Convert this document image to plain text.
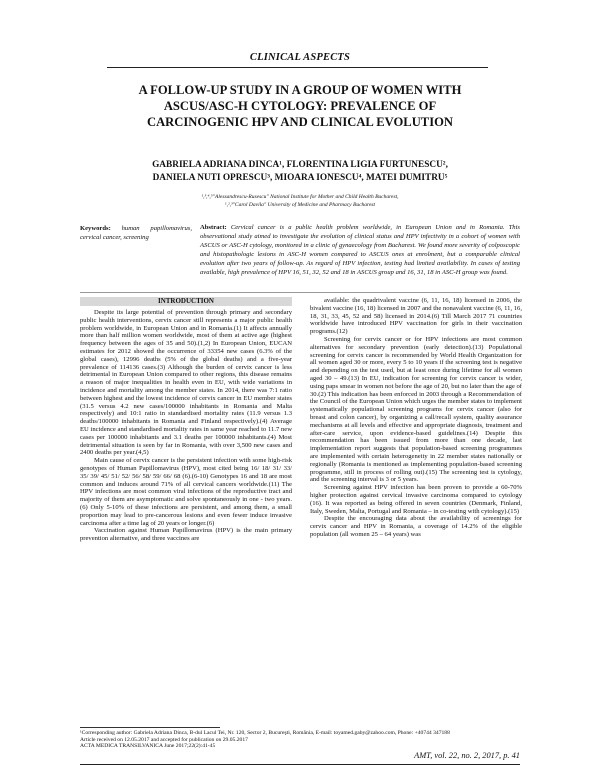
CLINICAL ASPECTS
A FOLLOW-UP STUDY IN A GROUP OF WOMEN WITH
ASCUS/ASC-H CYTOLOGY: PREVALENCE OF
CARCINOGENIC HPV AND CLINICAL EVOLUTION
GABRIELA ADRIANA DINCA¹, FLORENTINA LIGIA FURTUNESCU²,
DANIELA NUTI OPRESCU³, MIOARA IONESCU⁴, MATEI DUMITRU⁵
¹,³,⁴,⁵"Alessandrescu-Rusescu" National Institute for Mother and Child Health Bucharest,
¹,²,³"Carol Davila" University of Medicine and Pharmacy Bucharest
Keywords: human papillomavirus, cervical cancer, screening
Abstract: Cervical cancer is a public health problem worldwide, in European Union and in Romania. This observational study aimed to investigate the evolution of clinical status and HPV infectivity in a cohort of women with ASCUS or ASC-H cytology, monitored in a clinic of gynaecology from Bucharest. We found more severity of colposcopic and histopathologic lesions in ASC-H women compared to ASCUS ones at enrolment, but a comparable clinical evolution after two years of follow-up. As regard of HPV infection, testing had limited availability. In cases of testing available, high prevalence of HPV 16, 51, 32, 52 and 18 in ASCUS group and 16, 31, 18 in ASC-H group was found.
INTRODUCTION

Despite its large potential of prevention through primary and secondary public health interventions, cervix cancer still represents a major public health problem worldwide, in European Union and in Romania.(1) It affects annually more than half million women worldwide, most of them at active age (highest frequency between the ages of 35 and 50).(1,2) In European Union, EUCAN estimates for 2012 showed the occurrence of 33354 new cases (6.3% of the global cases), 12996 deaths (5% of the global deaths) and a five-year prevalence of 114136 cases.(3) Although the burden of cervix cancer is less detrimental in European Union compared to other regions, this disease remains a reason of major inequalities in health even in EU, with wide variations in incidence and mortality among the member states. In 2014, there was 7:1 ratio between highest and the lowest incidence of cervix cancer in EU member states (31.5 versus 4.2 new cases/100000 inhabitants in Romania and Malta respectively) and 10:1 ratio in standardised mortality rates (11.9 versus 1.3 deaths/100000 inhabitants in Romania and Finland respectively).(4) Average EU incidence and standardised mortality rates in same year reached to 11.7 new cases per 100000 inhabitants and 3.1 deaths per 100000 inhabitants.(4) Most detrimental situation is seen by far in Romania, with over 3,500 new cases and 2400 deaths per year.(4,5)

Main cause of cervix cancer is the persistent infection with some high-risk genotypes of Human Papillomavirus (HPV), most cited being 16/ 18/ 31/ 33/ 35/ 39/ 45/ 51/ 52/ 56/ 58/ 59/ 66/ 68 (6).(6-10) Genotypes 16 and 18 are most common and induces around 71% of all cervical cancers worldwide.(11) The HPV infections are most common viral infections of the reproductive tract and majority of them are asymptomatic and solve spontaneously in one - two years.(6) Only 5-10% of these infections are persistent, and among them, a small proportion may lead to pre-cancerous lesions and even fewer induce invasive carcinoma after a time lag of 20 years or longer.(6)

Vaccination against Human Papillomavirus (HPV) is the main primary prevention alternative, and three vaccines are

available: the quadrivalent vaccine (6, 11, 16, 18) licensed in 2006, the bivalent vaccine (16, 18) licensed in 2007 and the nonavalent vaccine (6, 11, 16, 18, 31, 33, 45, 52 and 58) licensed in 2014.(6) Till March 2017 71 countries worldwide have introduced HPV vaccination for girls in their vaccination programs.(12)

Screening for cervix cancer or for HPV infections are most common alternatives for secondary prevention (early detection).(13) Populational screening for cervix cancer is recommended by World Health Organization for all women aged 30 or more, every 5 to 10 years if the screening test is negative and depending on the test used, but at least once during lifetime for all women aged 30 – 49.(13) In EU, indication for screening for cervix cancer is wider, using paps smear in women not before the age of 20, but no later than the age of 30.(2) This indication has been enforced in 2003 through a Recommendation of the Council of the European Union which urges the member states to implement systematically populational screening programs for cervix cancer (also for breast and colon cancer), by organizing a call/recall system, quality assurance mechanisms at all levels and effective and appropriate diagnosis, treatment and after-care service, upon evidence-based guidelines.(14) Despite this recommendation has been issued from more than one decade, last implementation report suggests that population-based screening programmes are implemented with certain heterogeneity in 22 member states nationally or regionally (Romania is mentioned as implementing population-based screening programme, still in process of rolling out).(15) The screening test is cytology, and the screening interval is 3 or 5 years.

Screening against HPV infection has been proven to provide a 60-70% higher protection against cervical invasive carcinoma compared to cytology (16). It was reported as being offered in seven countries (Denmark, Finland, Italy, Sweden, Malta, Portugal and Romania – in co-testing with cytology).(15)

Despite the encouraging data about the availability of screenings for cervix cancer and HPV in Romania, a coverage of 14.2% of the eligible population (all women 25 – 64 years) was

¹Corresponding author: Gabriela Adriana Dinca, B-dul Lacul Tei, Nr. 120, Sector 2, Bucureşti, România, E-mail: toyamed.gaby@zahoo.com, Phone: +40744 347188
Article received on 12.05.2017 and accepted for publication on 29.05.2017
ACTA MEDICA TRANSILVANICA June 2017;22(2):41-45
AMT, vol. 22, no. 2, 2017, p. 41
